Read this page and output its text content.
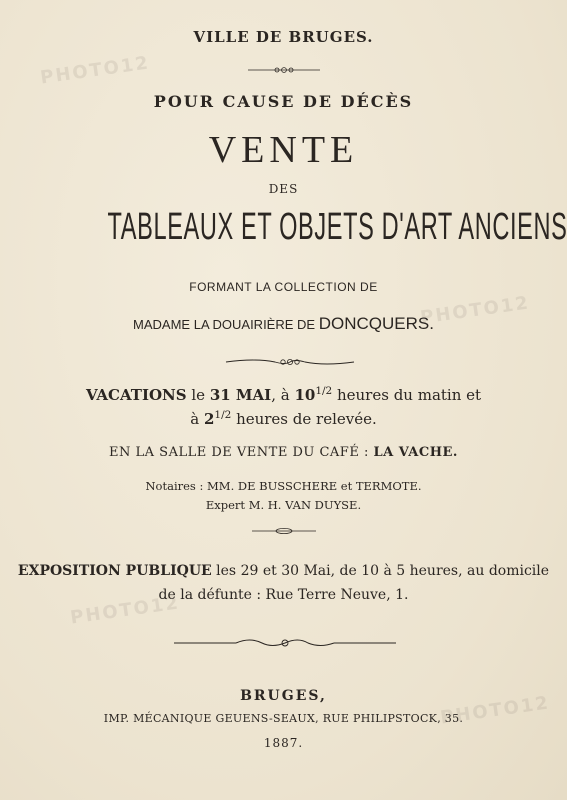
PHOTO12
PHOTO12
PHOTO12
PHOTO12
VILLE DE BRUGES.
POUR CAUSE DE DÉCÈS
VENTE
DES
TABLEAUX ET OBJETS D'ART ANCIENS
FORMANT LA COLLECTION DE
MADAME LA DOUAIRIÈRE DE DONCQUERS.
VACATIONS le 31 MAI, à $10^{1/2}$ heures du matin et
à $2^{1/2}$ heures de relevée.
EN LA SALLE DE VENTE DU CAFÉ : LA VACHE.
Notaires : MM. DE BUSSCHERE et TERMOTE.
Expert M. H. VAN DUYSE.
EXPOSITION PUBLIQUE les 29 et 30 Mai, de 10 à 5 heures, au domicile
de la défunte : Rue Terre Neuve, 1.
BRUGES,
IMP. MÉCANIQUE GEUENS-SEAUX, RUE PHILIPSTOCK, 35.
1887.
